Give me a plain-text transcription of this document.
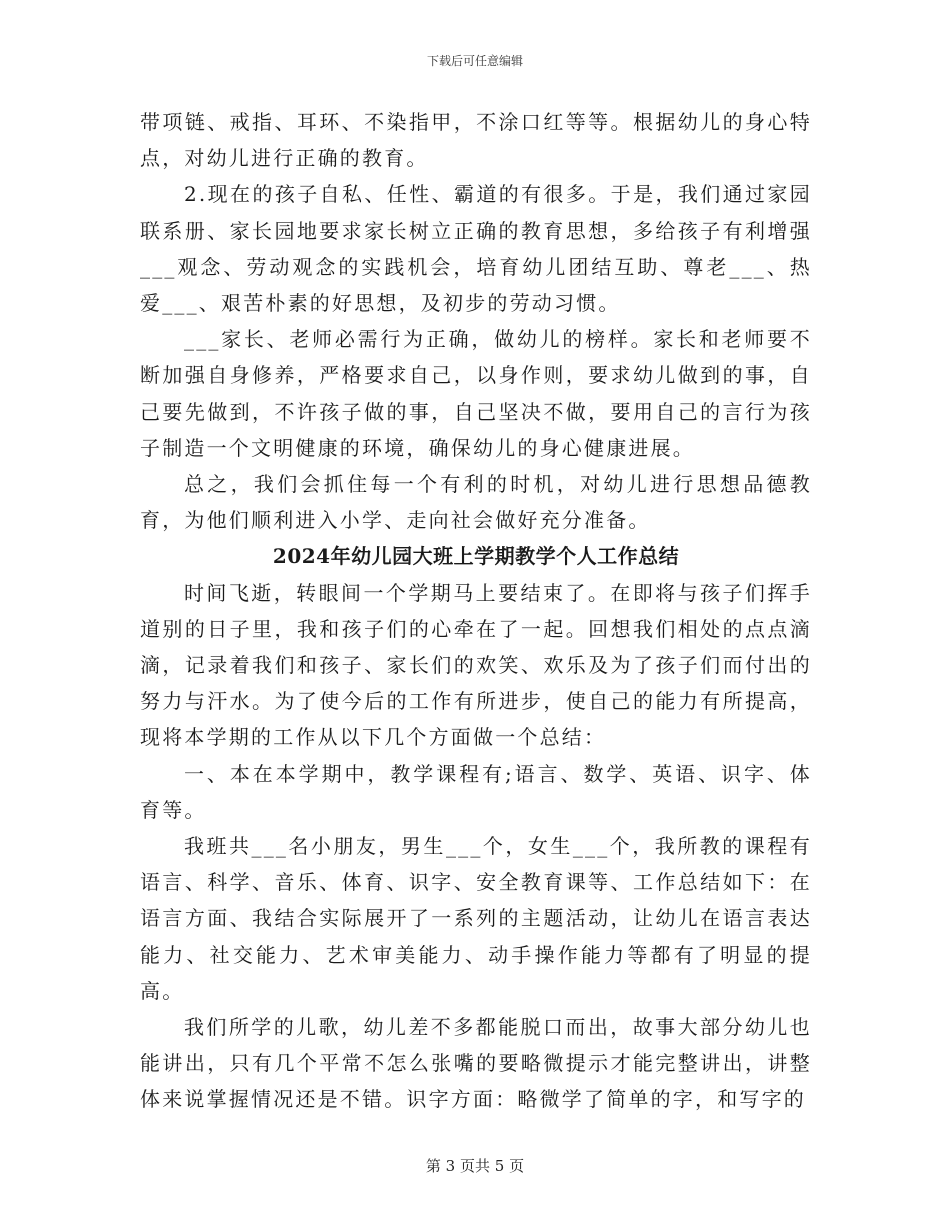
下载后可任意编辑

带项链、戒指、耳环、不染指甲，不涂口红等等。根据幼儿的身心特点，对幼儿进行正确的教育。

2.现在的孩子自私、任性、霸道的有很多。于是，我们通过家园联系册、家长园地要求家长树立正确的教育思想，多给孩子有利增强___观念、劳动观念的实践机会，培育幼儿团结互助、尊老___、热爱___、艰苦朴素的好思想，及初步的劳动习惯。

___家长、老师必需行为正确，做幼儿的榜样。家长和老师要不断加强自身修养，严格要求自己，以身作则，要求幼儿做到的事，自己要先做到，不许孩子做的事，自己坚决不做，要用自己的言行为孩子制造一个文明健康的环境，确保幼儿的身心健康进展。

总之，我们会抓住每一个有利的时机，对幼儿进行思想品德教育，为他们顺利进入小学、走向社会做好充分准备。

2024年幼儿园大班上学期教学个人工作总结

时间飞逝，转眼间一个学期马上要结束了。在即将与孩子们挥手道别的日子里，我和孩子们的心牵在了一起。回想我们相处的点点滴滴，记录着我们和孩子、家长们的欢笑、欢乐及为了孩子们而付出的努力与汗水。为了使今后的工作有所进步，使自己的能力有所提高，现将本学期的工作从以下几个方面做一个总结：

一、本在本学期中，教学课程有;语言、数学、英语、识字、体育等。

我班共___名小朋友，男生___个，女生___个，我所教的课程有语言、科学、音乐、体育、识字、安全教育课等、工作总结如下：在语言方面、我结合实际展开了一系列的主题活动，让幼儿在语言表达能力、社交能力、艺术审美能力、动手操作能力等都有了明显的提高。

我们所学的儿歌，幼儿差不多都能脱口而出，故事大部分幼儿也能讲出，只有几个平常不怎么张嘴的要略微提示才能完整讲出，讲整体来说掌握情况还是不错。识字方面：略微学了简单的字，和写字的

第 3 页共 5 页
